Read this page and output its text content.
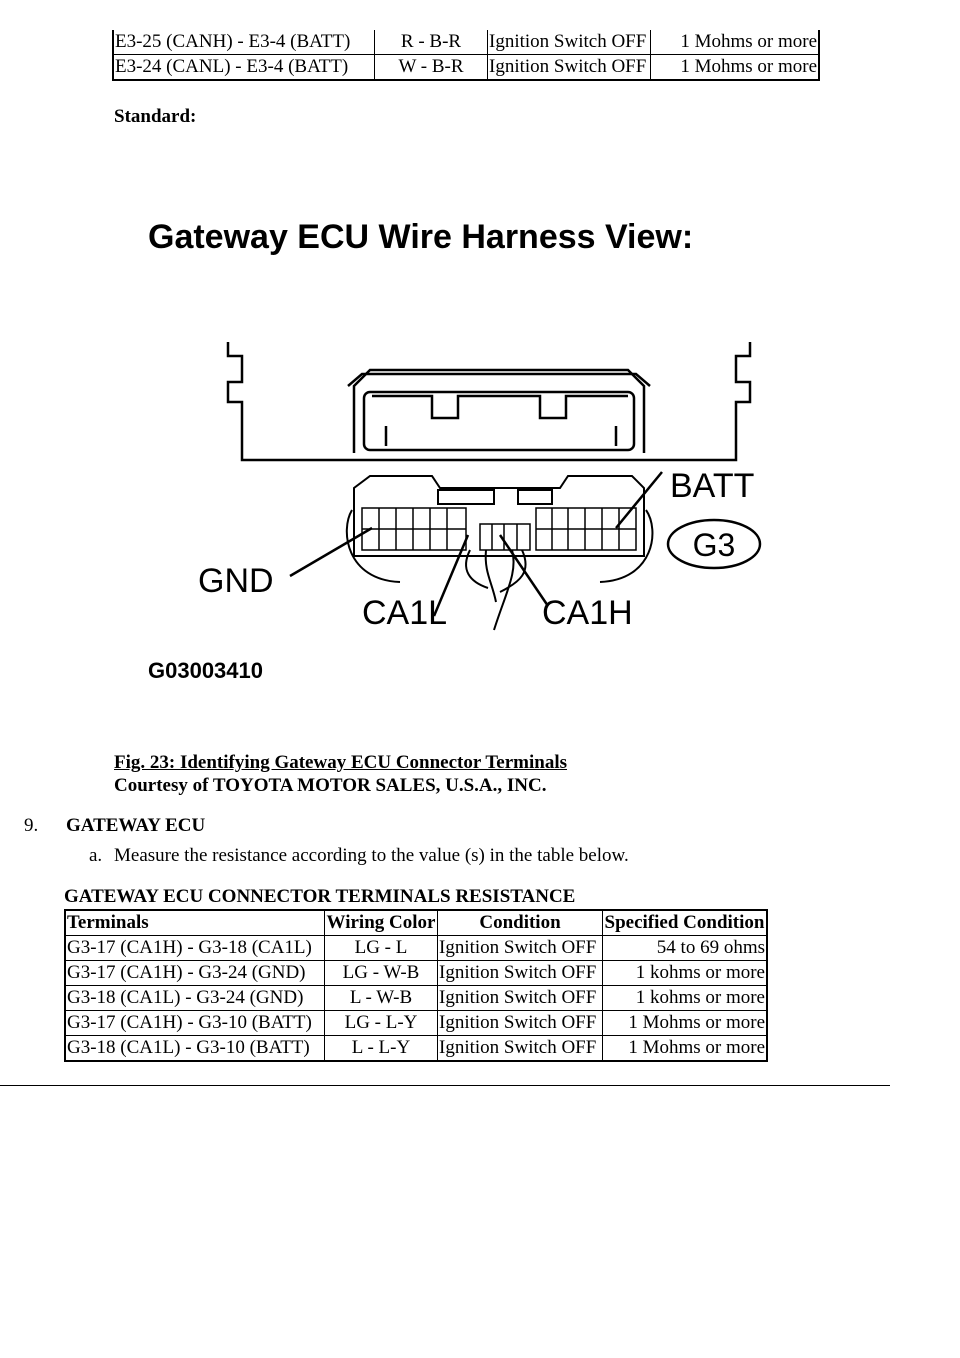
E3-25 (CANH) - E3-4 (BATT)	R - B-R	Ignition Switch OFF	1 Mohms or more
E3-24 (CANL) - E3-4 (BATT)	W - B-R	Ignition Switch OFF	1 Mohms or more
Standard:
Gateway ECU Wire Harness View:
BATT
G3
GND
CA1L	CA1H
G03003410
Fig. 23: Identifying Gateway ECU Connector Terminals
Courtesy of TOYOTA MOTOR SALES, U.S.A., INC.
9. GATEWAY ECU
a. Measure the resistance according to the value (s) in the table below.
GATEWAY ECU CONNECTOR TERMINALS RESISTANCE
Terminals	Wiring Color	Condition	Specified Condition
G3-17 (CA1H) - G3-18 (CA1L)	LG - L	Ignition Switch OFF	54 to 69 ohms
G3-17 (CA1H) - G3-24 (GND)	LG - W-B	Ignition Switch OFF	1 kohms or more
G3-18 (CA1L) - G3-24 (GND)	L - W-B	Ignition Switch OFF	1 kohms or more
G3-17 (CA1H) - G3-10 (BATT)	LG - L-Y	Ignition Switch OFF	1 Mohms or more
G3-18 (CA1L) - G3-10 (BATT)	L - L-Y	Ignition Switch OFF	1 Mohms or more
